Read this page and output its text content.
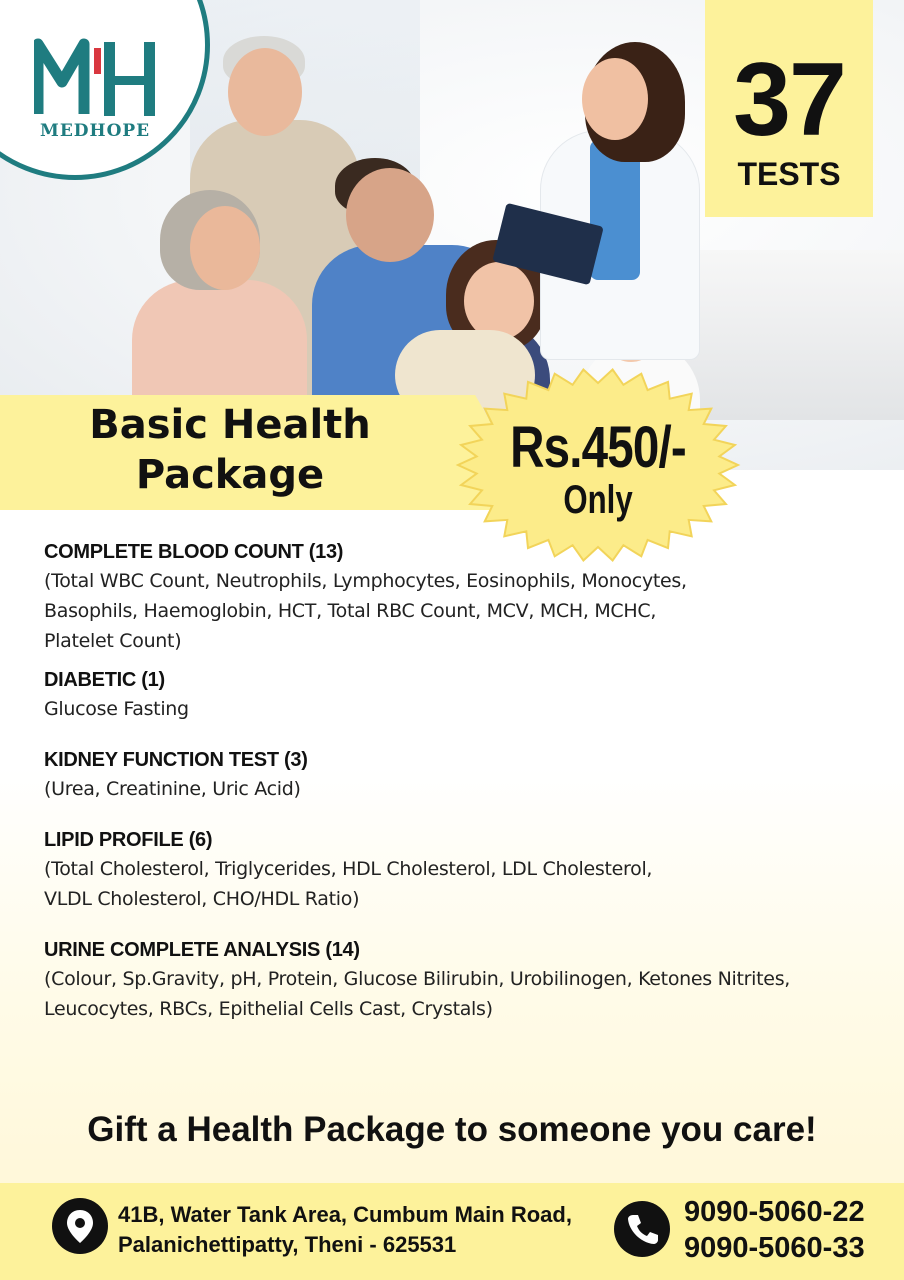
MEDHOPE	37
TESTS
Basic Health
Package	Rs.450/-
Only
COMPLETE BLOOD COUNT (13)
(Total WBC Count, Neutrophils, Lymphocytes, Eosinophils, Monocytes,
Basophils, Haemoglobin, HCT, Total RBC Count, MCV, MCH, MCHC,
Platelet Count)
DIABETIC (1)
Glucose Fasting
KIDNEY FUNCTION TEST (3)
(Urea, Creatinine, Uric Acid)
LIPID PROFILE (6)
(Total Cholesterol, Triglycerides, HDL Cholesterol, LDL Cholesterol,
VLDL Cholesterol, CHO/HDL Ratio)
URINE COMPLETE ANALYSIS (14)
(Colour, Sp.Gravity, pH, Protein, Glucose Bilirubin, Urobilinogen, Ketones Nitrites,
Leucocytes, RBCs, Epithelial Cells Cast, Crystals)
Gift a Health Package to someone you care!
41B, Water Tank Area, Cumbum Main Road,
Palanichettipatty, Theni - 625531
9090-5060-22
9090-5060-33
